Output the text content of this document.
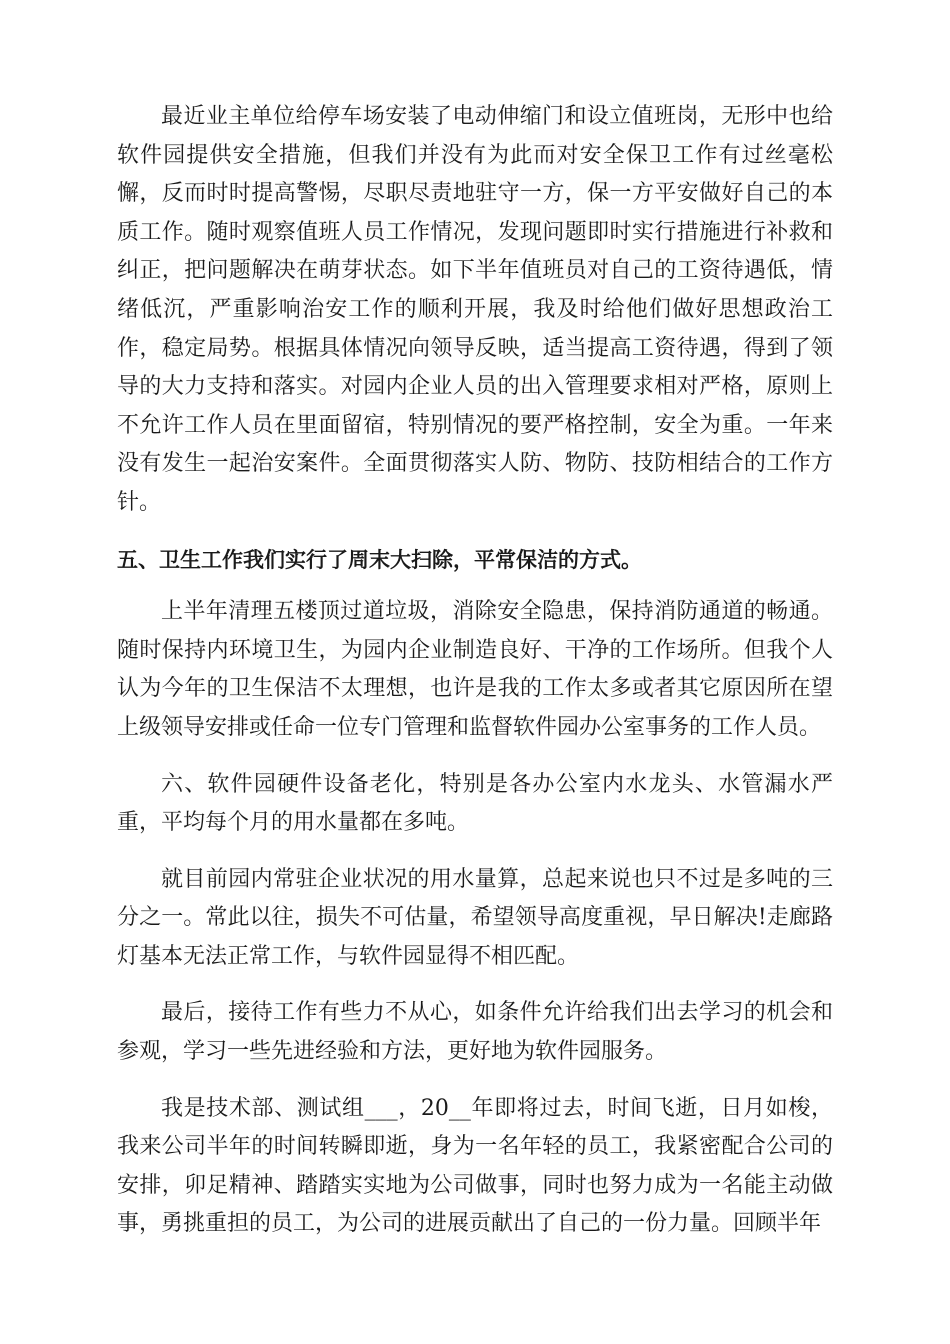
最近业主单位给停车场安装了电动伸缩门和设立值班岗，无形中也给软件园提供安全措施，但我们并没有为此而对安全保卫工作有过丝毫松懈，反而时时提高警惕，尽职尽责地驻守一方，保一方平安做好自己的本质工作。随时观察值班人员工作情况，发现问题即时实行措施进行补救和纠正，把问题解决在萌芽状态。如下半年值班员对自己的工资待遇低，情绪低沉，严重影响治安工作的顺利开展，我及时给他们做好思想政治工作，稳定局势。根据具体情况向领导反映，适当提高工资待遇，得到了领导的大力支持和落实。对园内企业人员的出入管理要求相对严格，原则上不允许工作人员在里面留宿，特别情况的要严格控制，安全为重。一年来没有发生一起治安案件。全面贯彻落实人防、物防、技防相结合的工作方针。

五、卫生工作我们实行了周末大扫除，平常保洁的方式。

上半年清理五楼顶过道垃圾，消除安全隐患，保持消防通道的畅通。随时保持内环境卫生，为园内企业制造良好、干净的工作场所。但我个人认为今年的卫生保洁不太理想，也许是我的工作太多或者其它原因所在望上级领导安排或任命一位专门管理和监督软件园办公室事务的工作人员。

六、软件园硬件设备老化，特别是各办公室内水龙头、水管漏水严重，平均每个月的用水量都在多吨。

就目前园内常驻企业状况的用水量算，总起来说也只不过是多吨的三分之一。常此以往，损失不可估量，希望领导高度重视，早日解决!走廊路灯基本无法正常工作，与软件园显得不相匹配。

最后，接待工作有些力不从心，如条件允许给我们出去学习的机会和参观，学习一些先进经验和方法，更好地为软件园服务。

我是技术部、测试组___，20__年即将过去，时间飞逝，日月如梭，我来公司半年的时间转瞬即逝，身为一名年轻的员工，我紧密配合公司的安排，卯足精神、踏踏实实地为公司做事，同时也努力成为一名能主动做事，勇挑重担的员工，为公司的进展贡献出了自己的一份力量。回顾半年
